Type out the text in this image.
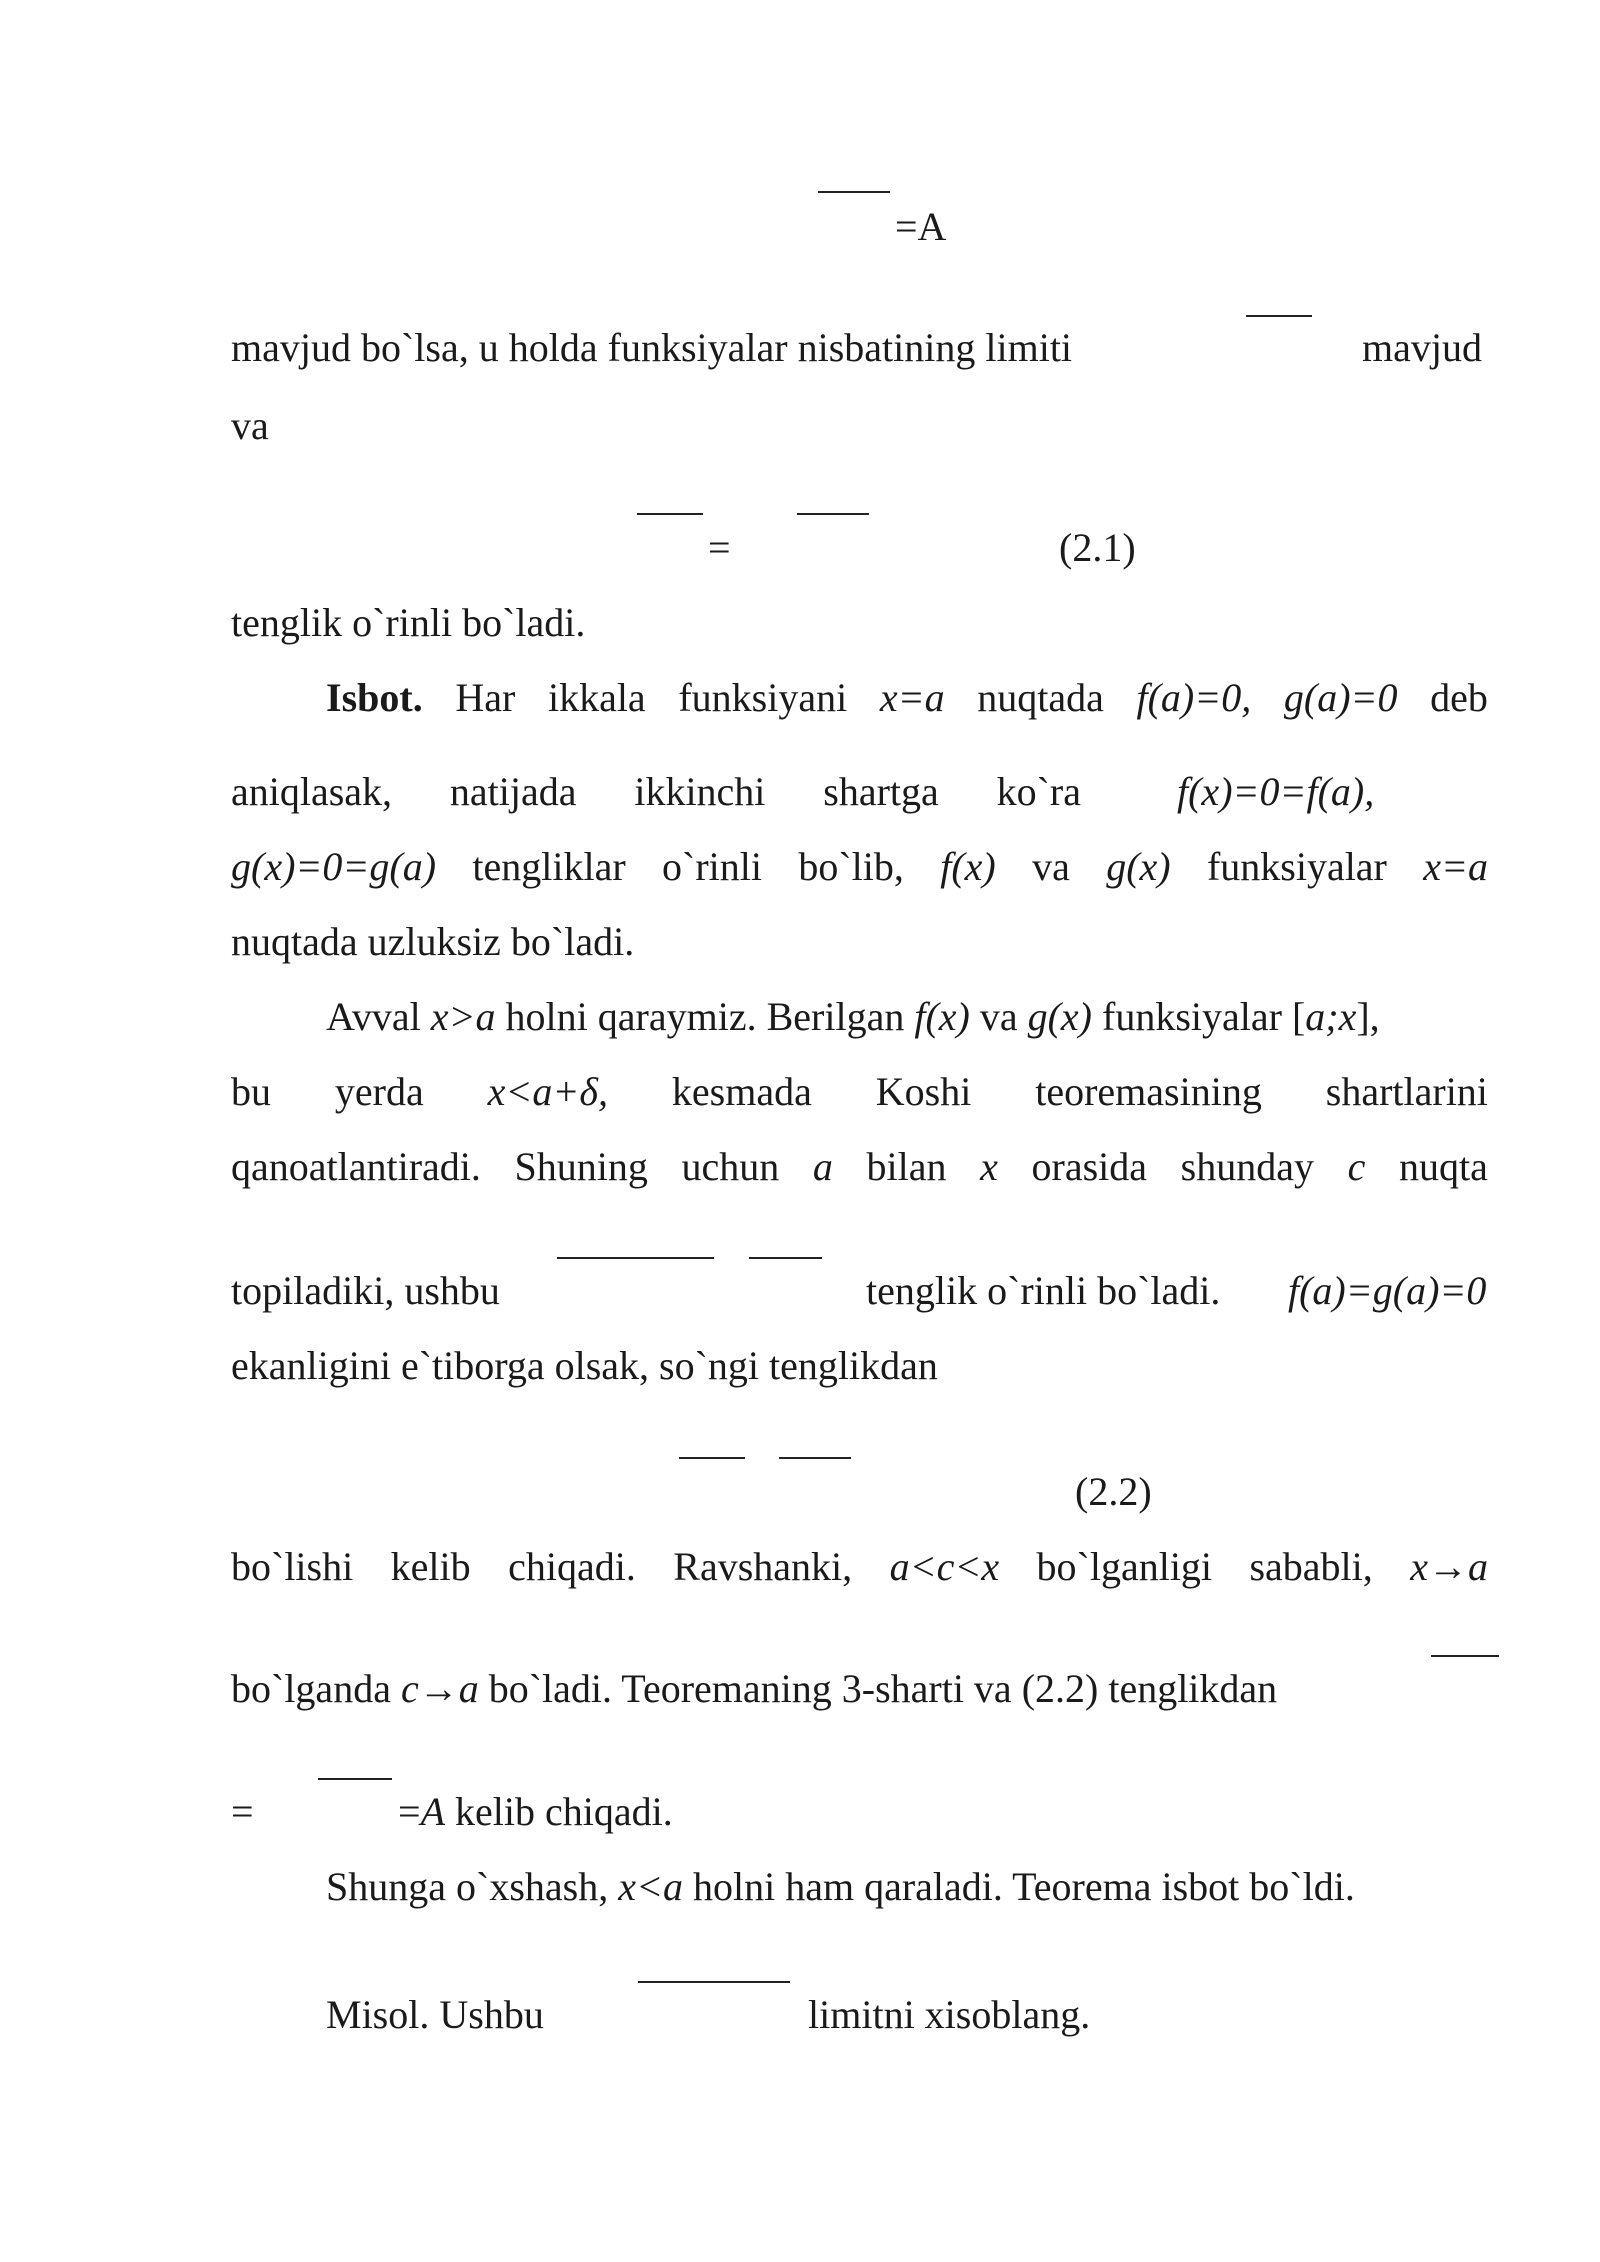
=A
mavjud bo`lsa, u holda funksiyalar nisbatining limiti	mavjud
va
=	(2.1)
tenglik o`rinli bo`ladi.
Isbot. Har ikkala funksiyani x=a nuqtada f(a)=0, g(a)=0 deb
aniqlasak, natijada ikkinchi shartga ko`ra f(x)=0=f(a),
g(x)=0=g(a) tengliklar o`rinli bo`lib, f(x) va g(x) funksiyalar x=a
nuqtada uzluksiz bo`ladi.
Avval x>a holni qaraymiz. Berilgan f(x) va g(x) funksiyalar [a;x],
bu yerda x<a+δ, kesmada Koshi teoremasining shartlarini
qanoatlantiradi. Shuning uchun a bilan x orasida shunday c nuqta
topiladiki, ushbu	tenglik o`rinli bo`ladi. f(a)=g(a)=0
ekanligini e`tiborga olsak, so`ngi tenglikdan
(2.2)
bo`lishi kelib chiqadi. Ravshanki, a<c<x bo`lganligi sababli, x→a
bo`lganda c→a bo`ladi. Teoremaning 3-sharti va (2.2) tenglikdan
=	=A kelib chiqadi.
Shunga o`xshash, x<a holni ham qaraladi. Teorema isbot bo`ldi.
Misol. Ushbu	limitni xisoblang.
